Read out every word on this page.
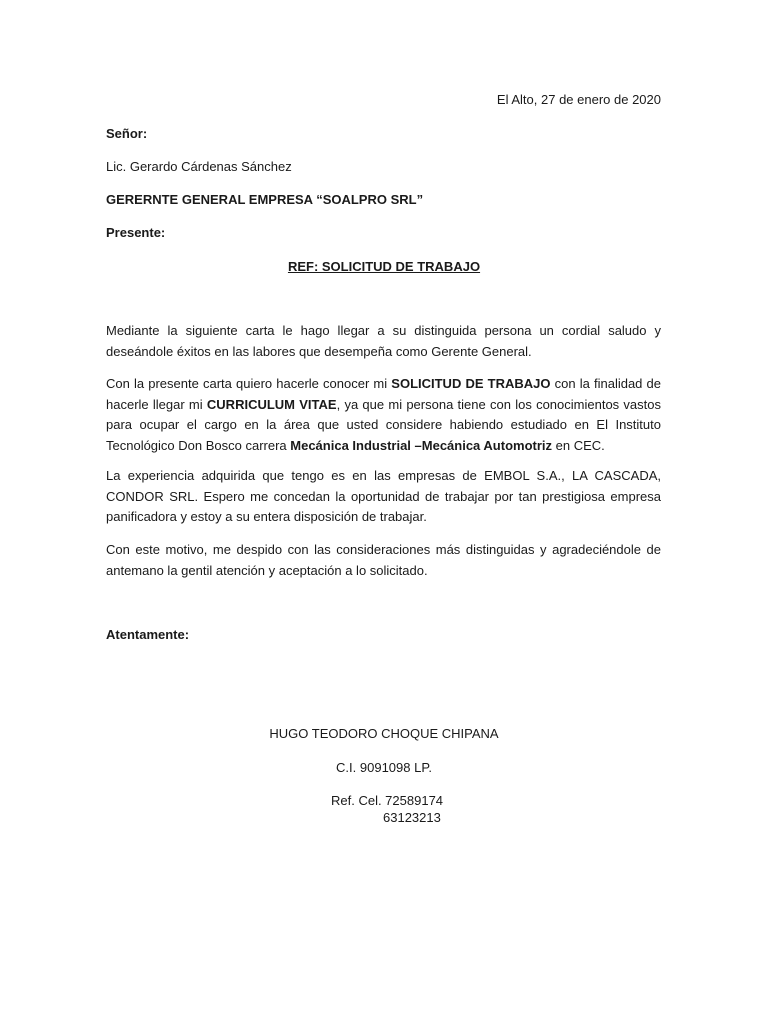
El Alto, 27 de enero de 2020
Señor:
Lic. Gerardo Cárdenas Sánchez
GERERNTE GENERAL EMPRESA “SOALPRO SRL”
Presente:
REF: SOLICITUD DE TRABAJO
Mediante la siguiente carta le hago llegar a su distinguida persona un cordial saludo y deseándole éxitos en las labores que desempeña como Gerente General.
Con la presente carta quiero hacerle conocer mi SOLICITUD DE TRABAJO con la finalidad de hacerle llegar mi CURRICULUM VITAE, ya que mi persona tiene con los conocimientos vastos para ocupar el cargo en la área que usted considere habiendo estudiado en El Instituto Tecnológico Don Bosco carrera Mecánica Industrial –Mecánica Automotriz en CEC.
La experiencia adquirida que tengo es en las empresas de EMBOL S.A., LA CASCADA, CONDOR SRL. Espero me concedan la oportunidad de trabajar por tan prestigiosa empresa panificadora y estoy a su entera disposición de trabajar.
Con este motivo, me despido con las consideraciones más distinguidas y agradeciéndole de antemano la gentil atención y aceptación a lo solicitado.
Atentamente:
HUGO TEODORO CHOQUE CHIPANA
C.I. 9091098 LP.
Ref. Cel. 72589174
63123213
